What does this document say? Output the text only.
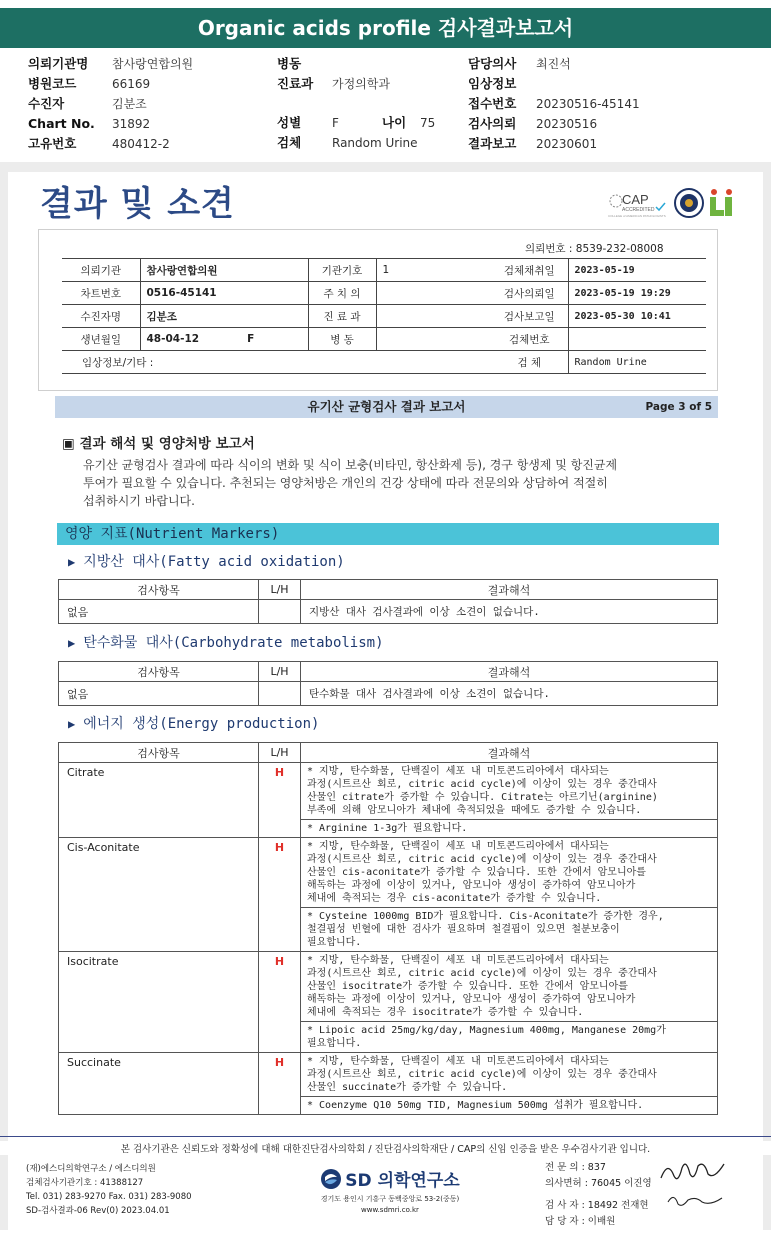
Organic acids profile 검사결과보고서
의뢰기관명 참사랑연합의원
병원코드	66169
수진자	김분조
Chart No. 31892
고유번호	480412-2
병동
진료과 가정의학과
성별	F	나이 75
검체	Random Urine
담당의사 최진석
임상정보
접수번호 20230516-45141
검사의뢰 20230516
결과보고 20230601
결과 및 소견	CAP
ACCREDITED
COLLEGE of AMERICAN PATHOLOGISTS
의뢰번호 : 8539-232-08008
의뢰기관	참사랑연합의원	기관기호	1	검체채취일	2023-05-19
차트번호	0516-45141	주 치 의		검사의뢰일	2023-05-19 19:29
수진자명	김분조	진 료 과		검사보고일	2023-05-30 10:41
생년월일	48-04-12 F	병 동		검체번호	
임상정보/기타 :				검 체	Random Urine
유기산 균형검사 결과 보고서	Page 3 of 5
▣ 결과 해석 및 영양처방 보고서
유기산 균형검사 결과에 따라 식이의 변화 및 식이 보충(비타민, 항산화제 등), 경구 항생제 및 항진균제
투여가 필요할 수 있습니다. 추천되는 영양처방은 개인의 건강 상태에 따라 전문의와 상담하여 적절히
섭취하시기 바랍니다.
영양 지표(Nutrient Markers)
▶ 지방산 대사(Fatty acid oxidation)
검사항목	L/H	결과해석
없음		지방산 대사 검사결과에 이상 소견이 없습니다.
▶ 탄수화물 대사(Carbohydrate metabolism)
검사항목	L/H	결과해석
없음		탄수화물 대사 검사결과에 이상 소견이 없습니다.
▶ 에너지 생성(Energy production)
검사항목	L/H	결과해석
Citrate	H	* 지방, 탄수화물, 단백질이 세포 내 미토콘드리아에서 대사되는
과정(시트르산 회로, citric acid cycle)에 이상이 있는 경우 중간대사
산물인 citrate가 증가할 수 있습니다. Citrate는 아르기닌(arginine)
부족에 의해 암모니아가 체내에 축적되었을 때에도 증가할 수 있습니다.

		* Arginine 1-3g가 필요합니다.

Cis-Aconitate	H	* 지방, 탄수화물, 단백질이 세포 내 미토콘드리아에서 대사되는
과정(시트르산 회로, citric acid cycle)에 이상이 있는 경우 중간대사
산물인 cis-aconitate가 증가할 수 있습니다. 또한 간에서 암모니아를
해독하는 과정에 이상이 있거나, 암모니아 생성이 증가하여 암모니아가
체내에 축적되는 경우 cis-aconitate가 증가할 수 있습니다.

		* Cysteine 1000mg BID가 필요합니다. Cis-Aconitate가 증가한 경우,
철결핍성 빈혈에 대한 검사가 필요하며 철결핍이 있으면 철분보충이
필요합니다.

Isocitrate	H	* 지방, 탄수화물, 단백질이 세포 내 미토콘드리아에서 대사되는
과정(시트르산 회로, citric acid cycle)에 이상이 있는 경우 중간대사
산물인 isocitrate가 증가할 수 있습니다. 또한 간에서 암모니아를
해독하는 과정에 이상이 있거나, 암모니아 생성이 증가하여 암모니아가
체내에 축적되는 경우 isocitrate가 증가할 수 있습니다.

		* Lipoic acid 25mg/kg/day, Magnesium 400mg, Manganese 20mg가
필요합니다.

Succinate	H	* 지방, 탄수화물, 단백질이 세포 내 미토콘드리아에서 대사되는
과정(시트르산 회로, citric acid cycle)에 이상이 있는 경우 중간대사
산물인 succinate가 증가할 수 있습니다.

		* Coenzyme Q10 50mg TID, Magnesium 500mg 섭취가 필요합니다.
본 검사기관은 신뢰도와 정확성에 대해 대한진단검사의학회 / 진단검사의학재단 / CAP의 신임 인증을 받은 우수검사기관 입니다.
(재)에스디의학연구소 / 에스디의원
검체검사기관기호 : 41388127
Tel. 031) 283-9270 Fax. 031) 283-9080
SD-검사결과-06 Rev(0) 2023.04.01
SD 의학연구소
경기도 용인시 기흥구 동백중앙로 53-2(중동)
www.sdmri.co.kr
전 문 의 : 837
의사면허 : 76045 이진영
검 사 자 : 18492 전재현
담 당 자 : 이배원
